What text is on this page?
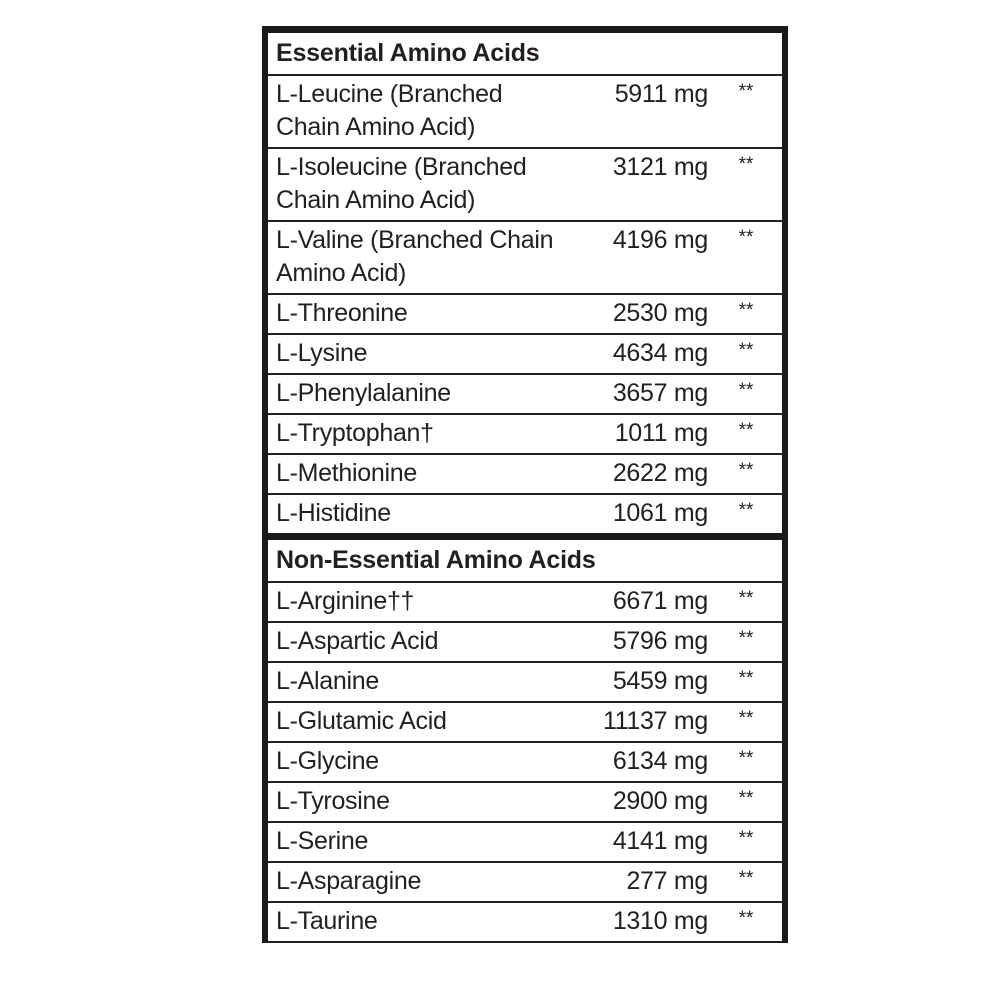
Essential Amino Acids		
L-Leucine (Branched Chain Amino Acid)	5911 mg	**
L-Isoleucine (Branched Chain Amino Acid)	3121 mg	**
L-Valine (Branched Chain Amino Acid)	4196 mg	**
L-Threonine	2530 mg	**
L-Lysine	4634 mg	**
L-Phenylalanine	3657 mg	**
L-Tryptophan†	1011 mg	**
L-Methionine	2622 mg	**
L-Histidine	1061 mg	**
Non-Essential Amino Acids		
L-Arginine††	6671 mg	**
L-Aspartic Acid	5796 mg	**
L-Alanine	5459 mg	**
L-Glutamic Acid	11137 mg	**
L-Glycine	6134 mg	**
L-Tyrosine	2900 mg	**
L-Serine	4141 mg	**
L-Asparagine	277 mg	**
L-Taurine	1310 mg	**
